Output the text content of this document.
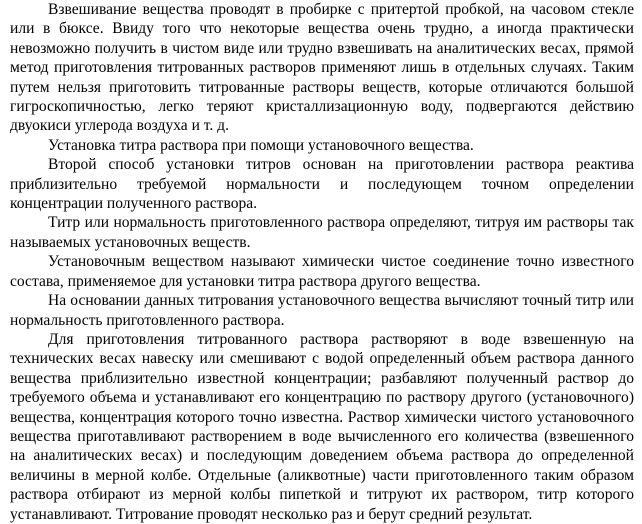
Взвешивание вещества проводят в пробирке с притертой пробкой, на часовом стекле или в бюксе. Ввиду того что некоторые вещества очень трудно, а иногда практически невозможно получить в чистом виде или трудно взвешивать на аналитических весах, прямой метод приготовления титрованных растворов применяют лишь в отдельных случаях. Таким путем нельзя приготовить титрованные растворы веществ, которые отличаются большой гигроскопичностью, легко теряют кристаллизационную воду, подвергаются действию двуокиси углерода воздуха и т. д.

Установка титра раствора при помощи установочного вещества.

Второй способ установки титров основан на приготовлении раствора реактива приблизительно требуемой нормальности и последующем точном определении концентрации полученного раствора.

Титр или нормальность приготовленного раствора определяют, титруя им растворы так называемых установочных веществ.

Установочным веществом называют химически чистое соединение точно известного состава, применяемое для установки титра раствора другого вещества.

На основании данных титрования установочного вещества вычисляют точный титр или нормальность приготовленного раствора.

Для приготовления титрованного раствора растворяют в воде взвешенную на технических весах навеску или смешивают с водой определенный объем раствора данного вещества приблизительно известной концентрации; разбавляют полученный раствор до требуемого объема и устанавливают его концентрацию по раствору другого (установочного) вещества, концентрация которого точно известна. Раствор химически чистого установочного вещества приготавливают растворением в воде вычисленного его количества (взвешенного на аналитических весах) и последующим доведением объема раствора до определенной величины в мерной колбе. Отдельные (аликвотные) части приготовленного таким образом раствора отбирают из мерной колбы пипеткой и титруют их раствором, титр которого устанавливают. Титрование проводят несколько раз и берут средний результат.
